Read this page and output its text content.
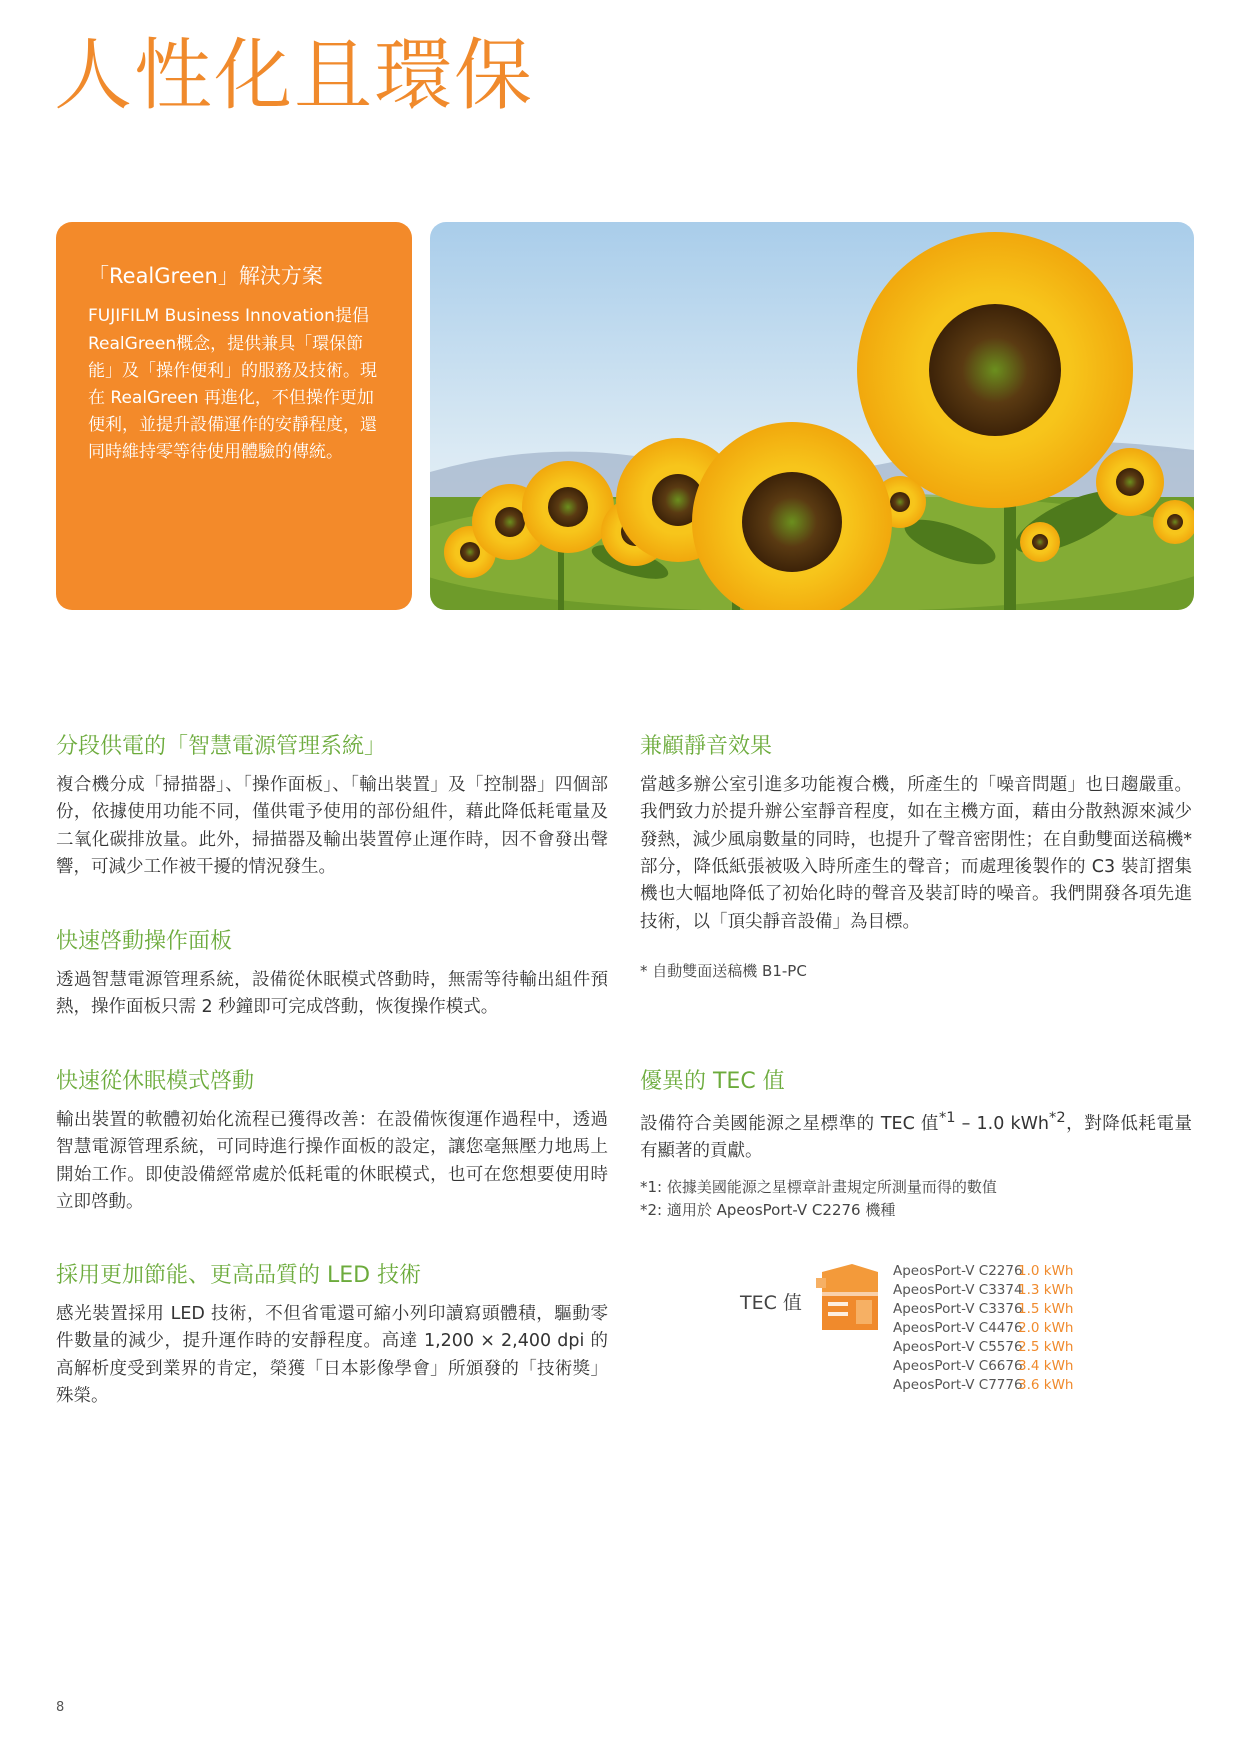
人性化且環保
「RealGreen」解決方案

FUJIFILM Business Innovation提倡RealGreen概念，提供兼具「環保節能」及「操作便利」的服務及技術。現在 RealGreen 再進化，不但操作更加便利，並提升設備運作的安靜程度，還同時維持零等待使用體驗的傳統。

分段供電的「智慧電源管理系統」

複合機分成「掃描器」、「操作面板」、「輸出裝置」及「控制器」四個部份，依據使用功能不同，僅供電予使用的部份組件，藉此降低耗電量及二氧化碳排放量。此外，掃描器及輸出裝置停止運作時，因不會發出聲響，可減少工作被干擾的情況發生。

快速啓動操作面板

透過智慧電源管理系統，設備從休眠模式啓動時，無需等待輸出組件預熱，操作面板只需 2 秒鐘即可完成啓動，恢復操作模式。

快速從休眠模式啓動

輸出裝置的軟體初始化流程已獲得改善：在設備恢復運作過程中，透過智慧電源管理系統，可同時進行操作面板的設定，讓您毫無壓力地馬上開始工作。即使設備經常處於低耗電的休眠模式，也可在您想要使用時立即啓動。

採用更加節能、更高品質的 LED 技術

感光裝置採用 LED 技術，不但省電還可縮小列印讀寫頭體積，驅動零件數量的減少，提升運作時的安靜程度。高達 1,200 × 2,400 dpi 的高解析度受到業界的肯定，榮獲「日本影像學會」所頒發的「技術獎」殊榮。

兼顧靜音效果

當越多辦公室引進多功能複合機，所產生的「噪音問題」也日趨嚴重。我們致力於提升辦公室靜音程度，如在主機方面，藉由分散熱源來減少發熱，減少風扇數量的同時，也提升了聲音密閉性；在自動雙面送稿機*部分，降低紙張被吸入時所產生的聲音；而處理後製作的 C3 裝訂摺集機也大幅地降低了初始化時的聲音及裝訂時的噪音。我們開發各項先進技術，以「頂尖靜音設備」為目標。

* 自動雙面送稿機 B1-PC
優異的 TEC 值

設備符合美國能源之星標準的 TEC 值$^{*1}$ – 1.0 kWh$^{*2}$，對降低耗電量有顯著的貢獻。

*1: 依據美國能源之星標章計畫規定所測量而得的數值
*2: 適用於 ApeosPort-V C2276 機種
TEC 值
ApeosPort-V C2276
1.0 kWh
ApeosPort-V C3374
1.3 kWh
ApeosPort-V C3376
1.5 kWh
ApeosPort-V C4476
2.0 kWh
ApeosPort-V C5576
2.5 kWh
ApeosPort-V C6676
3.4 kWh
ApeosPort-V C7776
3.6 kWh
8
